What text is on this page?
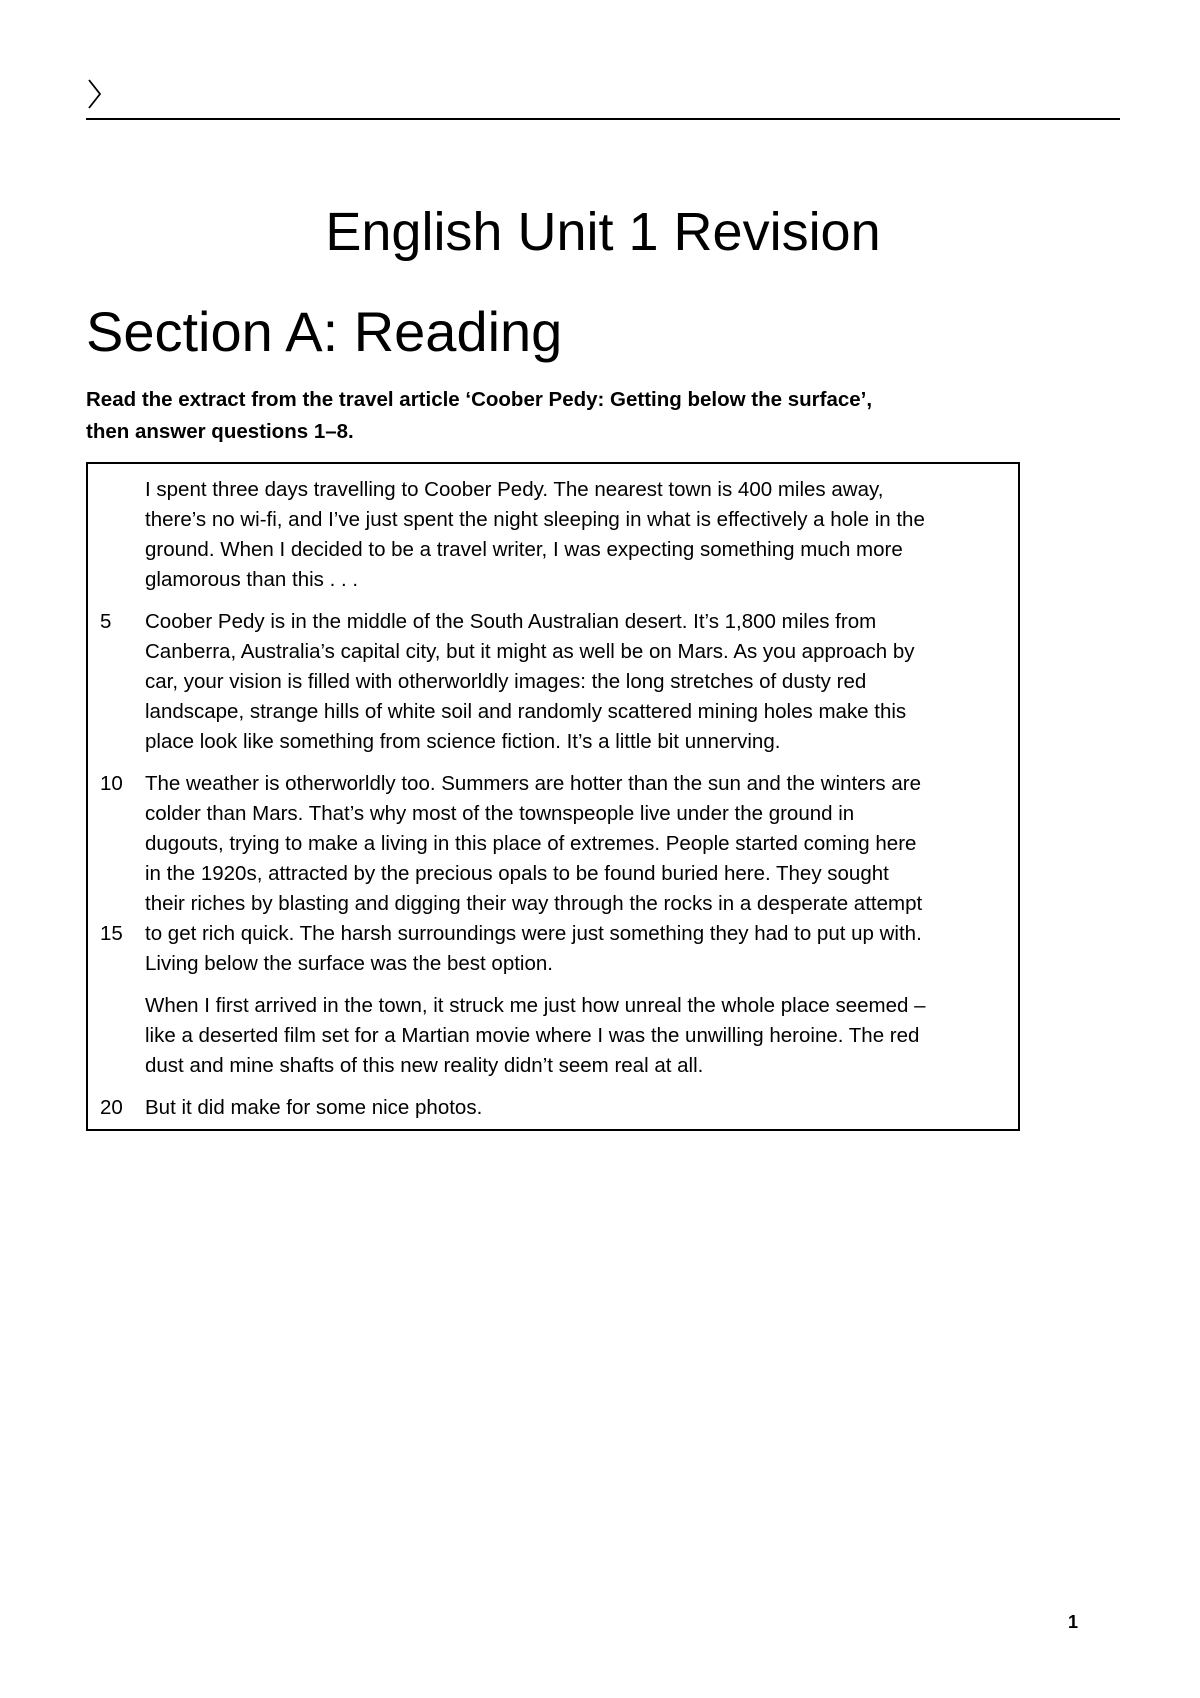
English Unit 1 Revision
Section A: Reading
Read the extract from the travel article ‘Coober Pedy: Getting below the surface’,
then answer questions 1–8.
I spent three days travelling to Coober Pedy. The nearest town is 400 miles away,
there’s no wi-fi, and I’ve just spent the night sleeping in what is effectively a hole in the
ground. When I decided to be a travel writer, I was expecting something much more
glamorous than this . . .
5 Coober Pedy is in the middle of the South Australian desert. It’s 1,800 miles from
Canberra, Australia’s capital city, but it might as well be on Mars. As you approach by
car, your vision is filled with otherworldly images: the long stretches of dusty red
landscape, strange hills of white soil and randomly scattered mining holes make this
place look like something from science fiction. It’s a little bit unnerving.
10 The weather is otherworldly too. Summers are hotter than the sun and the winters are
colder than Mars. That’s why most of the townspeople live under the ground in
dugouts, trying to make a living in this place of extremes. People started coming here
in the 1920s, attracted by the precious opals to be found buried here. They sought
their riches by blasting and digging their way through the rocks in a desperate attempt
15 to get rich quick. The harsh surroundings were just something they had to put up with.
Living below the surface was the best option.
When I first arrived in the town, it struck me just how unreal the whole place seemed –
like a deserted film set for a Martian movie where I was the unwilling heroine. The red
dust and mine shafts of this new reality didn’t seem real at all.
20 But it did make for some nice photos.
1
